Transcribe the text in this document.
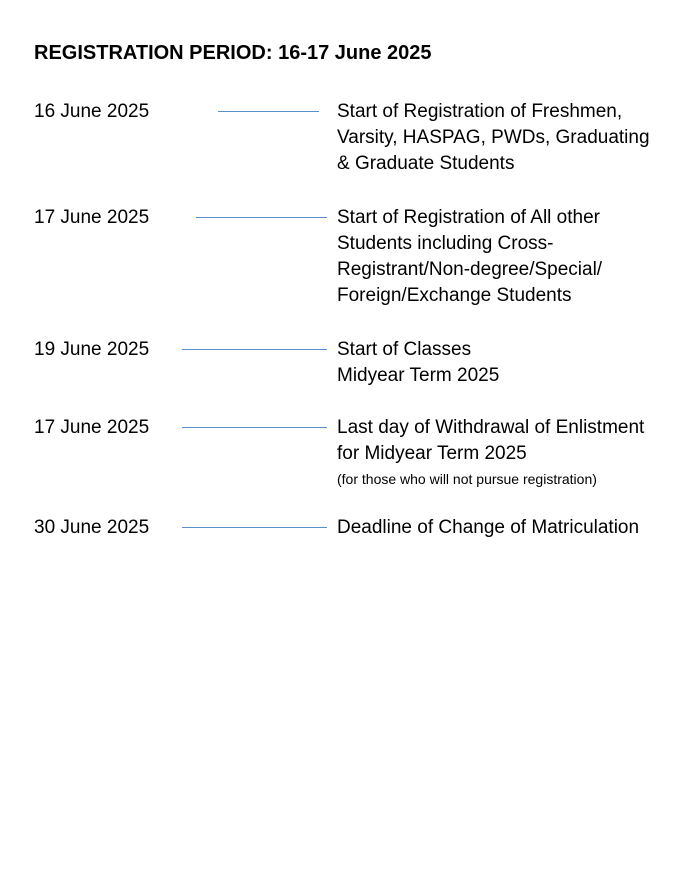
REGISTRATION PERIOD: 16-17 June 2025
16 June 2025	Start of Registration of Freshmen,
Varsity, HASPAG, PWDs, Graduating
& Graduate Students
17 June 2025	Start of Registration of All other
Students including Cross-
Registrant/Non-degree/Special/
Foreign/Exchange Students
19 June 2025	Start of Classes
Midyear Term 2025
17 June 2025	Last day of Withdrawal of Enlistment
for Midyear Term 2025
(for those who will not pursue registration)
30 June 2025	Deadline of Change of Matriculation
